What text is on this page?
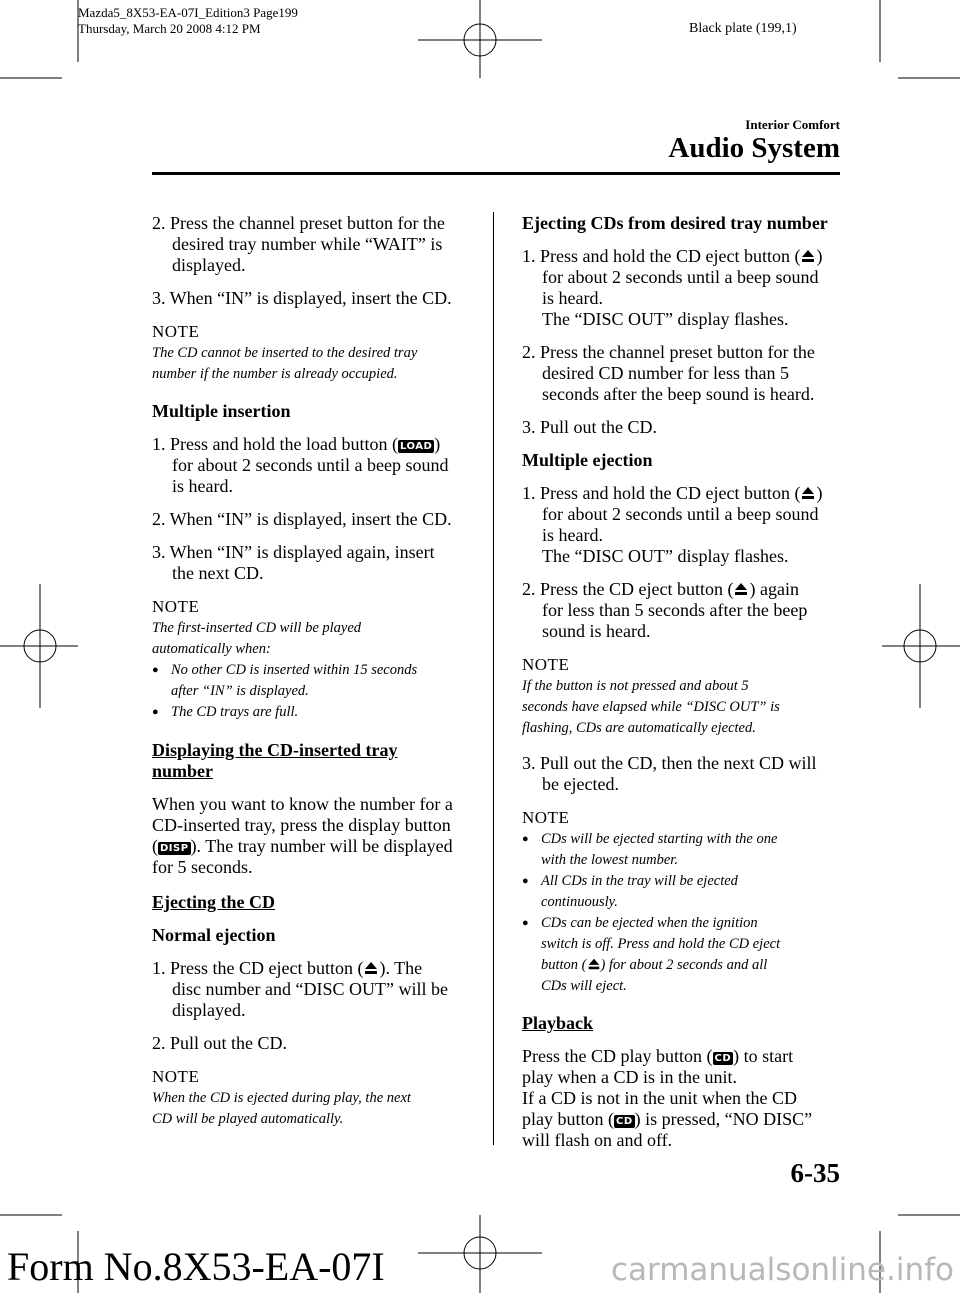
Mazda5_8X53-EA-07I_Edition3 Page199
Thursday, March 20 2008 4:12 PM	Black plate (199,1)
Interior Comfort
Audio System
2. Press the channel preset button for the
desired tray number while “WAIT” is
displayed.
3. When “IN” is displayed, insert the CD.
NOTE
The CD cannot be inserted to the desired tray
number if the number is already occupied.
Multiple insertion
1. Press and hold the load button ( LOAD )
for about 2 seconds until a beep sound
is heard.
2. When “IN” is displayed, insert the CD.
3. When “IN” is displayed again, insert
the next CD.
NOTE
The first-inserted CD will be played
automatically when:
● No other CD is inserted within 15 seconds
after “IN” is displayed.
● The CD trays are full.
Displaying the CD-inserted tray
number
When you want to know the number for a
CD-inserted tray, press the display button
( DISP ). The tray number will be displayed
for 5 seconds.
Ejecting the CD
Normal ejection
1. Press the CD eject button ( ). The
disc number and “DISC OUT” will be
displayed.
2. Pull out the CD.
NOTE
When the CD is ejected during play, the next
CD will be played automatically.
Ejecting CDs from desired tray number
1. Press and hold the CD eject button ( )
for about 2 seconds until a beep sound
is heard.
The “DISC OUT” display flashes.
2. Press the channel preset button for the
desired CD number for less than 5
seconds after the beep sound is heard.
3. Pull out the CD.
Multiple ejection
1. Press and hold the CD eject button ( )
for about 2 seconds until a beep sound
is heard.
The “DISC OUT” display flashes.
2. Press the CD eject button ( ) again
for less than 5 seconds after the beep
sound is heard.
NOTE
If the button is not pressed and about 5
seconds have elapsed while “DISC OUT” is
flashing, CDs are automatically ejected.
3. Pull out the CD, then the next CD will
be ejected.
NOTE
● CDs will be ejected starting with the one
with the lowest number.
● All CDs in the tray will be ejected
continuously.
● CDs can be ejected when the ignition
switch is off. Press and hold the CD eject
button ( ) for about 2 seconds and all
CDs will eject.
Playback
Press the CD play button ( CD ) to start
play when a CD is in the unit.
If a CD is not in the unit when the CD
play button ( CD ) is pressed, “NO DISC”
will flash on and off.
6-35
Form No.8X53-EA-07I	carmanualsonline.info
